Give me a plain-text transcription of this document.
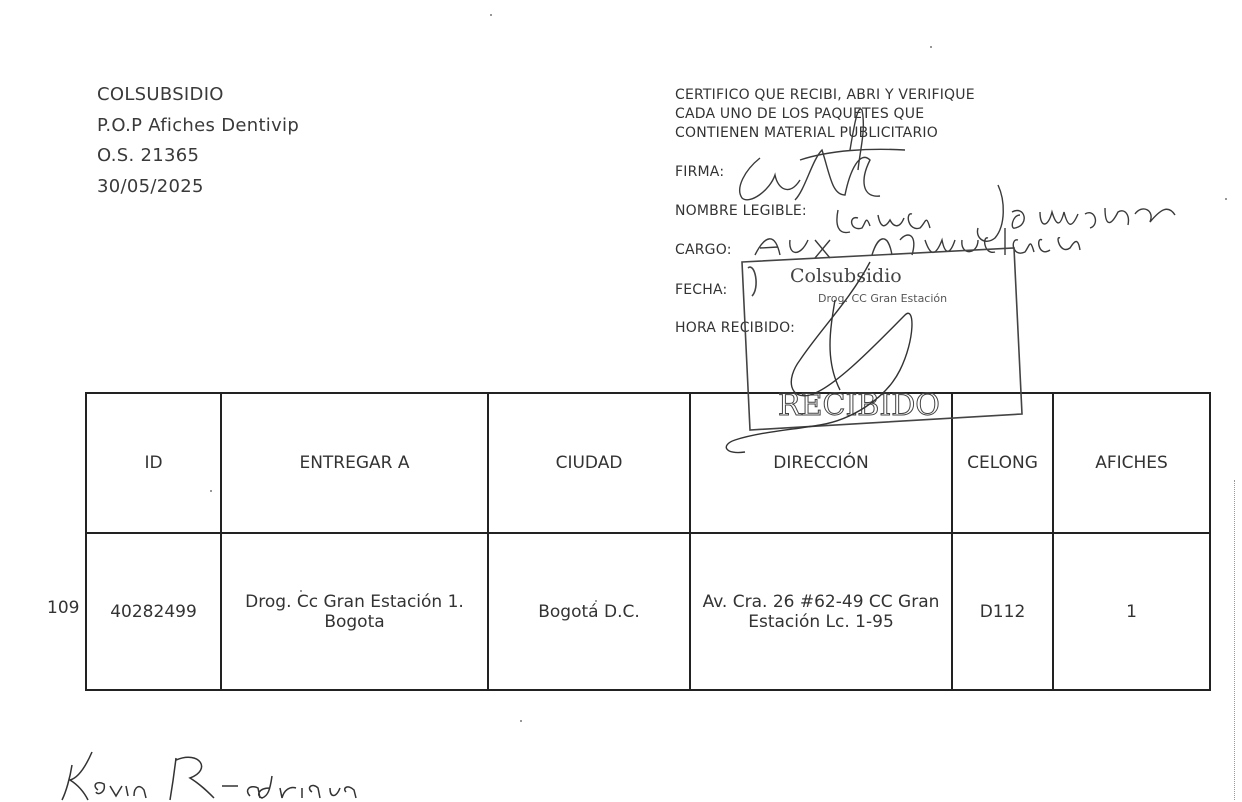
COLSUBSIDIO
P.O.P Afiches Dentivip
O.S. 21365
30/05/2025
CERTIFICO QUE RECIBI, ABRI Y VERIFIQUE
CADA UNO DE LOS PAQUETES QUE
CONTIENEN MATERIAL PUBLICITARIO
FIRMA:
NOMBRE LEGIBLE:
CARGO:
FECHA:
HORA RECIBIDO:
ID	ENTREGAR A	CIUDAD	DIRECCIÓN	CELONG	AFICHES
40282499	Drog. Cc Gran Estación 1. Bogota	Bogotá D.C.	Av. Cra. 26 #62-49 CC Gran Estación Lc. 1-95	D112	1
109
Colsubsidio
Drog. CC Gran Estación
RECIBIDO
